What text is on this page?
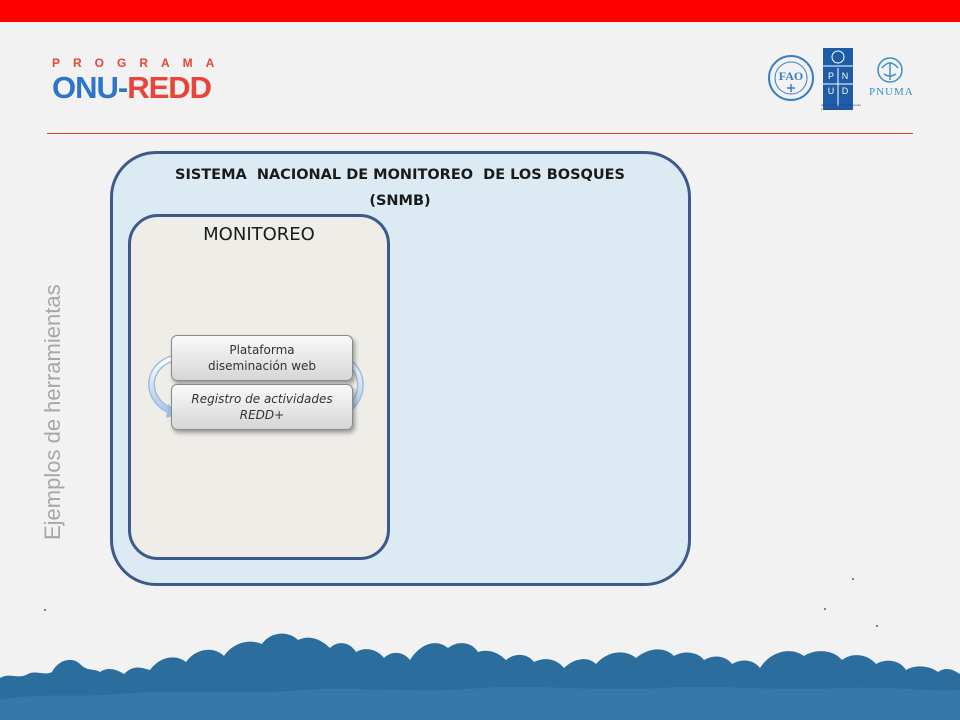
PROGRAMA
ONU-REDD	FAO	P N
U D
Al servicio de las personas y las naciones
PNUMA
Ejemplos de herramientas
SISTEMA  NACIONAL DE MONITOREO  DE LOS BOSQUES
(SNMB)
MONITOREO
Plataforma
diseminación web
Registro de actividades
REDD+
